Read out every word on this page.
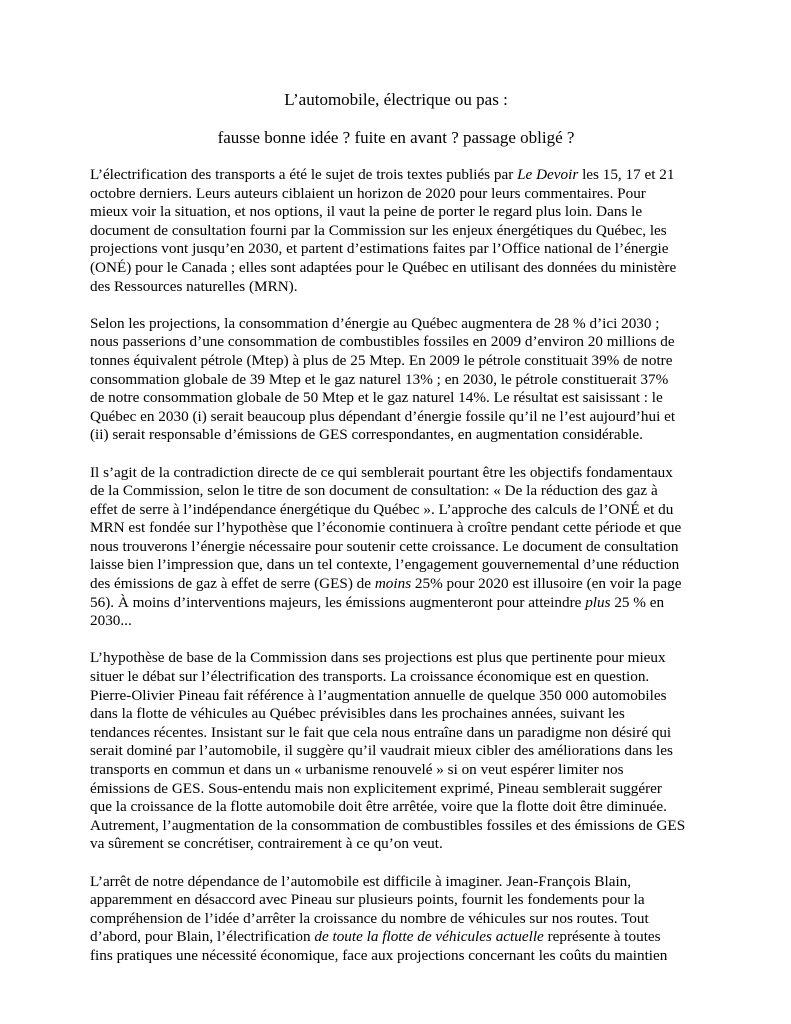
L’automobile, électrique ou pas :

fausse bonne idée ? fuite en avant ? passage obligé ?

L’électrification des transports a été le sujet de trois textes publiés par Le Devoir les 15, 17 et 21
octobre derniers. Leurs auteurs ciblaient un horizon de 2020 pour leurs commentaires. Pour
mieux voir la situation, et nos options, il vaut la peine de porter le regard plus loin. Dans le
document de consultation fourni par la Commission sur les enjeux énergétiques du Québec, les
projections vont jusqu’en 2030, et partent d’estimations faites par l’Office national de l’énergie
(ONÉ) pour le Canada ; elles sont adaptées pour le Québec en utilisant des données du ministère
des Ressources naturelles (MRN).

Selon les projections, la consommation d’énergie au Québec augmentera de 28 % d’ici 2030 ;
nous passerions d’une consommation de combustibles fossiles en 2009 d’environ 20 millions de
tonnes équivalent pétrole (Mtep) à plus de 25 Mtep. En 2009 le pétrole constituait 39% de notre
consommation globale de 39 Mtep et le gaz naturel 13% ; en 2030, le pétrole constituerait 37%
de notre consommation globale de 50 Mtep et le gaz naturel 14%. Le résultat est saisissant : le
Québec en 2030 (i) serait beaucoup plus dépendant d’énergie fossile qu’il ne l’est aujourd’hui et
(ii) serait responsable d’émissions de GES correspondantes, en augmentation considérable.

Il s’agit de la contradiction directe de ce qui semblerait pourtant être les objectifs fondamentaux
de la Commission, selon le titre de son document de consultation: « De la réduction des gaz à
effet de serre à l’indépendance énergétique du Québec ». L’approche des calculs de l’ONÉ et du
MRN est fondée sur l’hypothèse que l’économie continuera à croître pendant cette période et que
nous trouverons l’énergie nécessaire pour soutenir cette croissance. Le document de consultation
laisse bien l’impression que, dans un tel contexte, l’engagement gouvernemental d’une réduction
des émissions de gaz à effet de serre (GES) de moins 25% pour 2020 est illusoire (en voir la page
56). À moins d’interventions majeurs, les émissions augmenteront pour atteindre plus 25 % en
2030...

L’hypothèse de base de la Commission dans ses projections est plus que pertinente pour mieux
situer le débat sur l’électrification des transports. La croissance économique est en question.
Pierre-Olivier Pineau fait référence à l’augmentation annuelle de quelque 350 000 automobiles
dans la flotte de véhicules au Québec prévisibles dans les prochaines années, suivant les
tendances récentes. Insistant sur le fait que cela nous entraîne dans un paradigme non désiré qui
serait dominé par l’automobile, il suggère qu’il vaudrait mieux cibler des améliorations dans les
transports en commun et dans un « urbanisme renouvelé » si on veut espérer limiter nos
émissions de GES. Sous-entendu mais non explicitement exprimé, Pineau semblerait suggérer
que la croissance de la flotte automobile doit être arrêtée, voire que la flotte doit être diminuée.
Autrement, l’augmentation de la consommation de combustibles fossiles et des émissions de GES
va sûrement se concrétiser, contrairement à ce qu’on veut.

L’arrêt de notre dépendance de l’automobile est difficile à imaginer. Jean-François Blain,
apparemment en désaccord avec Pineau sur plusieurs points, fournit les fondements pour la
compréhension de l’idée d’arrêter la croissance du nombre de véhicules sur nos routes. Tout
d’abord, pour Blain, l’électrification de toute la flotte de véhicules actuelle représente à toutes
fins pratiques une nécessité économique, face aux projections concernant les coûts du maintien
